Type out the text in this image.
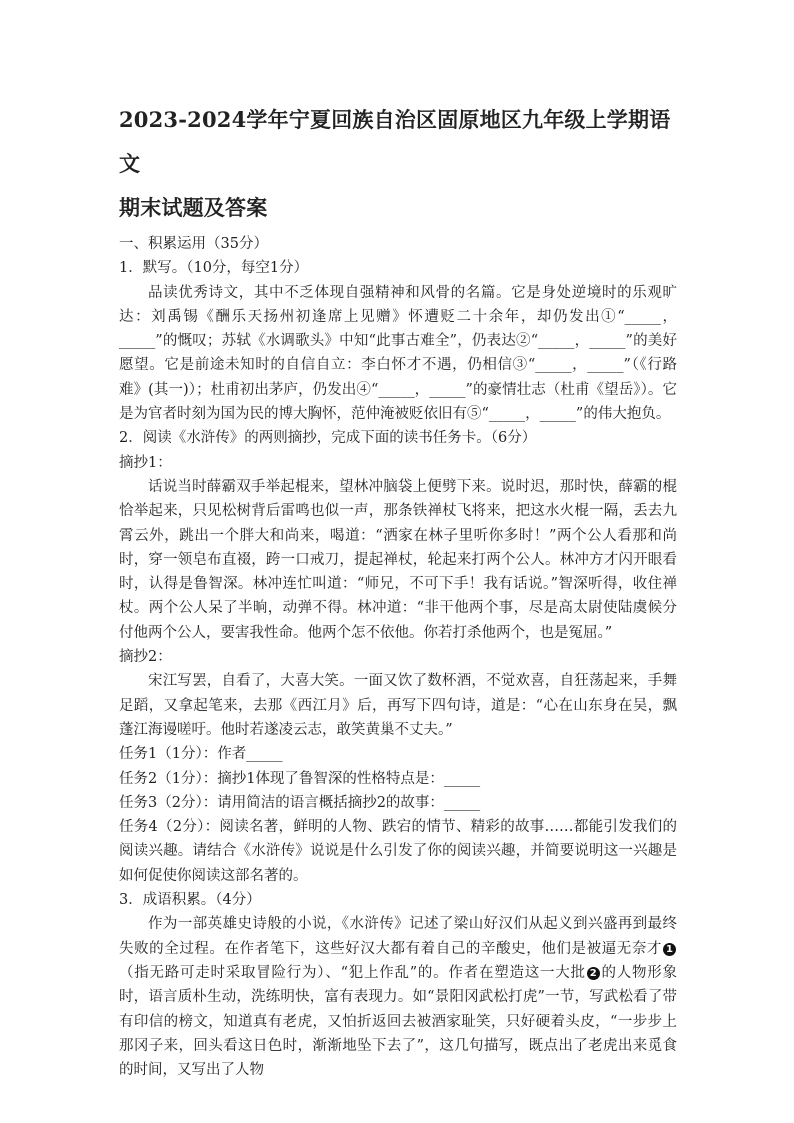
2023-2024学年宁夏回族自治区固原地区九年级上学期语文

期末试题及答案

一、积累运用（35分）

1．默写。（10分，每空1分）

品读优秀诗文，其中不乏体现自强精神和风骨的名篇。它是身处逆境时的乐观旷达：刘禹锡《酬乐天扬州初逢席上见赠》怀遭贬二十余年，却仍发出①“_____，_____”的慨叹；苏轼《水调歌头》中知“此事古难全”，仍表达②“_____，_____”的美好愿望。它是前途未知时的自信自立：李白怀才不遇，仍相信③“_____，_____”（《行路难》(其一)）；杜甫初出茅庐，仍发出④“_____，_____”的豪情壮志（杜甫《望岳》）。它是为官者时刻为国为民的博大胸怀，范仲淹被贬依旧有⑤“_____，_____”的伟大抱负。

2．阅读《水浒传》的两则摘抄，完成下面的读书任务卡。（6分）

摘抄1：

话说当时薛霸双手举起棍来，望林冲脑袋上便劈下来。说时迟，那时快，薛霸的棍恰举起来，只见松树背后雷鸣也似一声，那条铁禅杖飞将来，把这水火棍一隔，丢去九霄云外，跳出一个胖大和尚来，喝道：“洒家在林子里听你多时！”两个公人看那和尚时，穿一领皂布直裰，跨一口戒刀，提起禅杖，轮起来打两个公人。林冲方才闪开眼看时，认得是鲁智深。林冲连忙叫道：“师兄，不可下手！我有话说。”智深听得，收住禅杖。两个公人呆了半晌，动弹不得。林冲道：“非干他两个事，尽是高太尉使陆虞候分付他两个公人，要害我性命。他两个怎不依他。你若打杀他两个，也是冤屈。”

摘抄2：

宋江写罢，自看了，大喜大笑。一面又饮了数杯酒，不觉欢喜，自狂荡起来，手舞足蹈，又拿起笔来，去那《西江月》后，再写下四句诗，道是：“心在山东身在吴，飘蓬江海谩嗟吁。他时若遂凌云志，敢笑黄巢不丈夫。”

任务1（1分）：作者_____

任务2（1分）：摘抄1体现了鲁智深的性格特点是：_____

任务3（2分）：请用简洁的语言概括摘抄2的故事：_____

任务4（2分）：阅读名著，鲜明的人物、跌宕的情节、精彩的故事……都能引发我们的阅读兴趣。请结合《水浒传》说说是什么引发了你的阅读兴趣，并简要说明这一兴趣是如何促使你阅读这部名著的。

3．成语积累。（4分）

作为一部英雄史诗般的小说，《水浒传》记述了梁山好汉们从起义到兴盛再到最终失败的全过程。在作者笔下，这些好汉大都有着自己的辛酸史，他们是被逼无奈才 1（指无路可走时采取冒险行为）、“犯上作乱”的。作者在塑造这一大批 2 的人物形象时，语言质朴生动，洗练明快，富有表现力。如“景阳冈武松打虎”一节，写武松看了带有印信的榜文，知道真有老虎，又怕折返回去被酒家耻笑，只好硬着头皮，“一步步上那冈子来，回头看这日色时，渐渐地坠下去了”，这几句描写，既点出了老虎出来觅食的时间，又写出了人物
